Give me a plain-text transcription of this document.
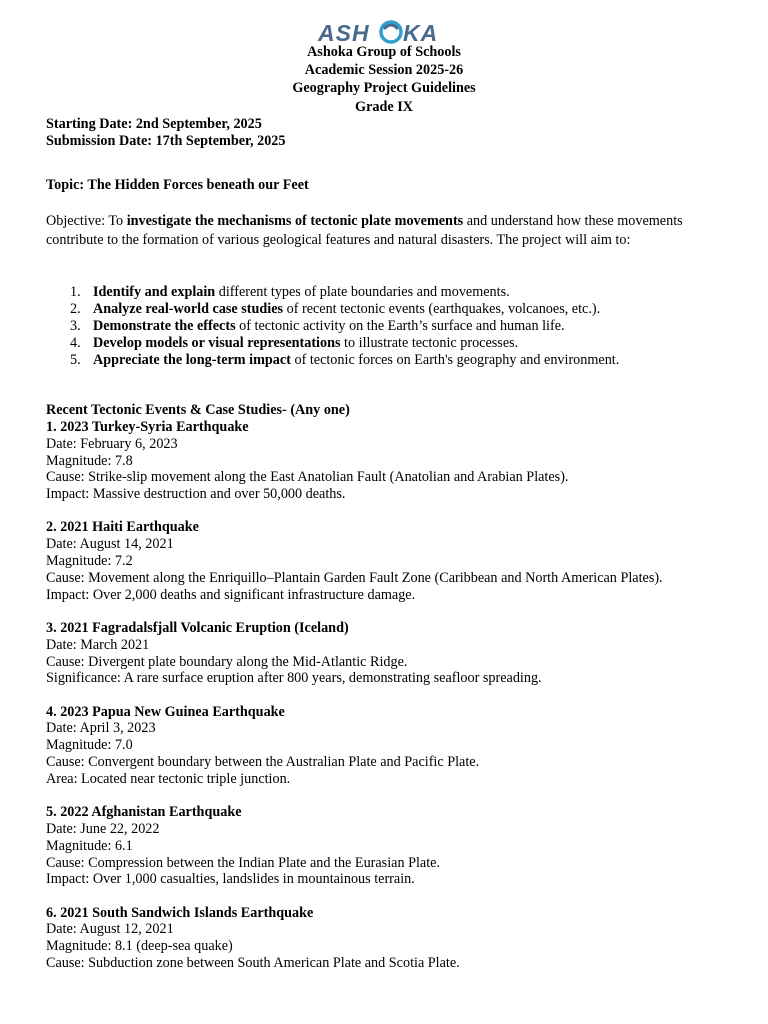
ASH KA
Ashoka Group of Schools
Academic Session 2025-26
Geography Project Guidelines
Grade IX
Starting Date: 2nd September, 2025
Submission Date: 17th September, 2025
Topic: The Hidden Forces beneath our Feet
Objective: To investigate the mechanisms of tectonic plate movements and understand how these movements contribute to the formation of various geological features and natural disasters. The project will aim to:
1. Identify and explain different types of plate boundaries and movements.
2. Analyze real-world case studies of recent tectonic events (earthquakes, volcanoes, etc.).
3. Demonstrate the effects of tectonic activity on the Earth’s surface and human life.
4. Develop models or visual representations to illustrate tectonic processes.
5. Appreciate the long-term impact of tectonic forces on Earth's geography and environment.
Recent Tectonic Events & Case Studies- (Any one)
1. 2023 Turkey-Syria Earthquake
Date: February 6, 2023
Magnitude: 7.8
Cause: Strike-slip movement along the East Anatolian Fault (Anatolian and Arabian Plates).
Impact: Massive destruction and over 50,000 deaths.
2. 2021 Haiti Earthquake
Date: August 14, 2021
Magnitude: 7.2
Cause: Movement along the Enriquillo–Plantain Garden Fault Zone (Caribbean and North American Plates).
Impact: Over 2,000 deaths and significant infrastructure damage.
3. 2021 Fagradalsfjall Volcanic Eruption (Iceland)
Date: March 2021
Cause: Divergent plate boundary along the Mid-Atlantic Ridge.
Significance: A rare surface eruption after 800 years, demonstrating seafloor spreading.
4. 2023 Papua New Guinea Earthquake
Date: April 3, 2023
Magnitude: 7.0
Cause: Convergent boundary between the Australian Plate and Pacific Plate.
Area: Located near tectonic triple junction.
5. 2022 Afghanistan Earthquake
Date: June 22, 2022
Magnitude: 6.1
Cause: Compression between the Indian Plate and the Eurasian Plate.
Impact: Over 1,000 casualties, landslides in mountainous terrain.
6. 2021 South Sandwich Islands Earthquake
Date: August 12, 2021
Magnitude: 8.1 (deep-sea quake)
Cause: Subduction zone between South American Plate and Scotia Plate.
